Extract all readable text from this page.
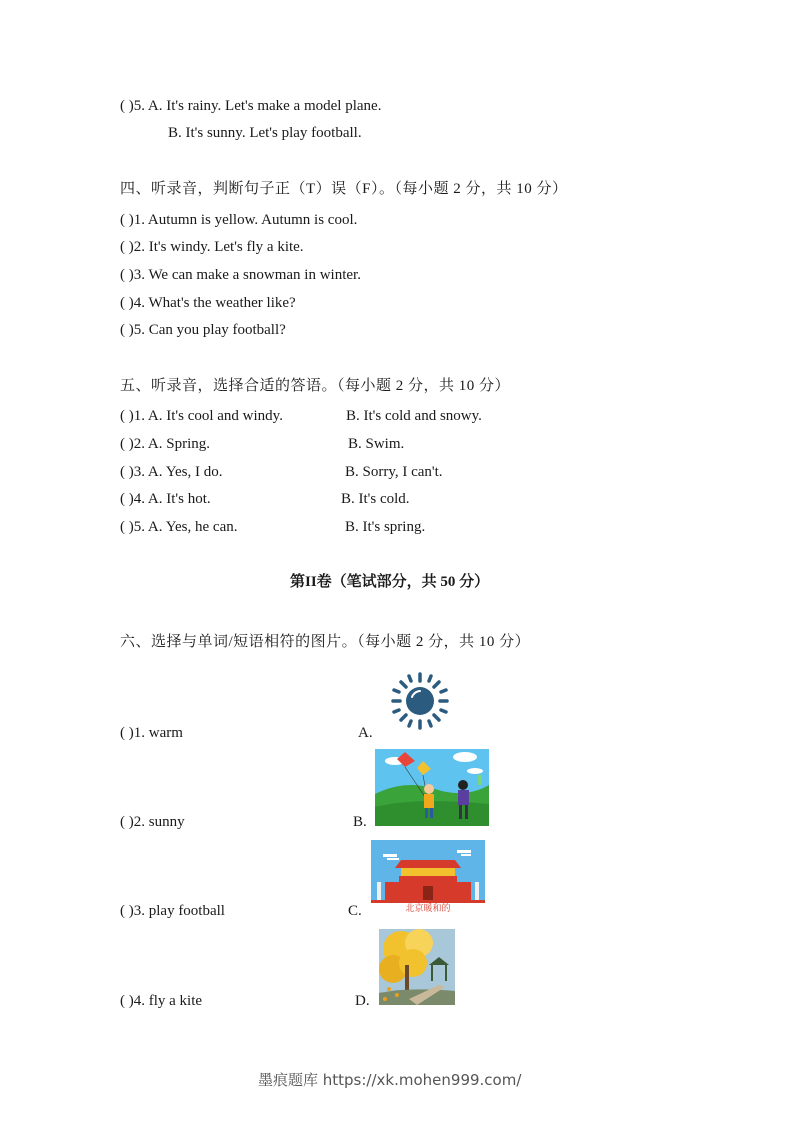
( )5. A. It's rainy. Let's make a model plane.
B. It's sunny. Let's play football.
四、听录音，判断句子正（T）误（F）。（每小题 2 分，共 10 分）
( )1. Autumn is yellow. Autumn is cool.
( )2. It's windy. Let's fly a kite.
( )3. We can make a snowman in winter.
( )4. What's the weather like?
( )5. Can you play football?
五、听录音，选择合适的答语。（每小题 2 分，共 10 分）
( )1. A. It's cool and windy.	B. It's cold and snowy.
( )2. A. Spring.	B. Swim.
( )3. A. Yes, I do.	B. Sorry, I can't.
( )4. A. It's hot.	B. It's cold.
( )5. A. Yes, he can.	B. It's spring.
第II卷（笔试部分，共 50 分）
六、选择与单词/短语相符的图片。（每小题 2 分，共 10 分）
( )1. warm	A.
( )2. sunny	B.
( )3. play football	C.
( )4. fly a kite	D.
北京暖和的
墨痕题库 https://xk.mohen999.com/
